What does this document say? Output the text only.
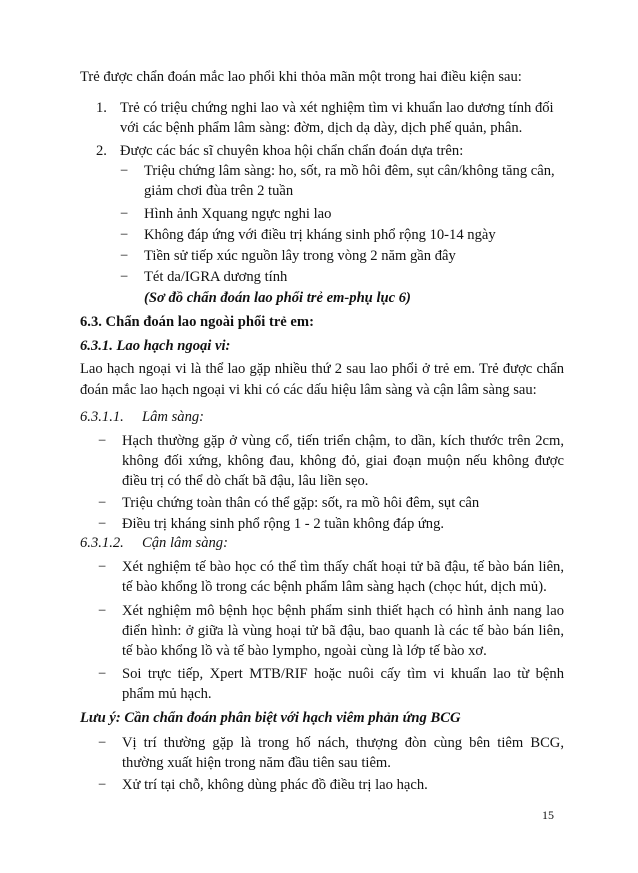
Trẻ được chẩn đoán mắc lao phổi khi thỏa mãn một trong hai điều kiện sau:
1. Trẻ có triệu chứng nghi lao và xét nghiệm tìm vi khuẩn lao dương tính đối
với các bệnh phẩm lâm sàng: đờm, dịch dạ dày, dịch phế quản, phân.
2. Được các bác sĩ chuyên khoa hội chẩn chẩn đoán dựa trên:
− Triệu chứng lâm sàng: ho, sốt, ra mồ hôi đêm, sụt cân/không tăng cân,
giảm chơi đùa trên 2 tuần
− Hình ảnh Xquang ngực nghi lao
− Không đáp ứng với điều trị kháng sinh phổ rộng 10-14 ngày
− Tiền sử tiếp xúc nguồn lây trong vòng 2 năm gần đây
− Tét da/IGRA dương tính
(Sơ đồ chẩn đoán lao phổi trẻ em-phụ lục 6)
6.3. Chẩn đoán lao ngoài phổi trẻ em:
6.3.1. Lao hạch ngoại vi:
Lao hạch ngoại vi là thể lao gặp nhiều thứ 2 sau lao phổi ở trẻ em. Trẻ được chẩn
đoán mắc lao hạch ngoại vi khi có các dấu hiệu lâm sàng và cận lâm sàng sau:
6.3.1.1. Lâm sàng:
− Hạch thường gặp ở vùng cổ, tiến triển chậm, to dần, kích thước trên 2cm,
không đối xứng, không đau, không đỏ, giai đoạn muộn nếu không được
điều trị có thể dò chất bã đậu, lâu liền sẹo.
− Triệu chứng toàn thân có thể gặp: sốt, ra mồ hôi đêm, sụt cân
− Điều trị kháng sinh phổ rộng 1 - 2 tuần không đáp ứng.
6.3.1.2. Cận lâm sàng:
− Xét nghiệm tế bào học có thể tìm thấy chất hoại tử bã đậu, tế bào bán liên,
tế bào khổng lồ trong các bệnh phẩm lâm sàng hạch (chọc hút, dịch mủ).
− Xét nghiệm mô bệnh học bệnh phẩm sinh thiết hạch có hình ảnh nang lao
điển hình: ở giữa là vùng hoại tử bã đậu, bao quanh là các tế bào bán liên,
tế bào khổng lồ và tế bào lympho, ngoài cùng là lớp tế bào xơ.
− Soi trực tiếp, Xpert MTB/RIF hoặc nuôi cấy tìm vi khuẩn lao từ bệnh
phẩm mủ hạch.
Lưu ý: Cần chẩn đoán phân biệt với hạch viêm phản ứng BCG
− Vị trí thường gặp là trong hố nách, thượng đòn cùng bên tiêm BCG,
thường xuất hiện trong năm đầu tiên sau tiêm.
− Xử trí tại chỗ, không dùng phác đồ điều trị lao hạch.
15
